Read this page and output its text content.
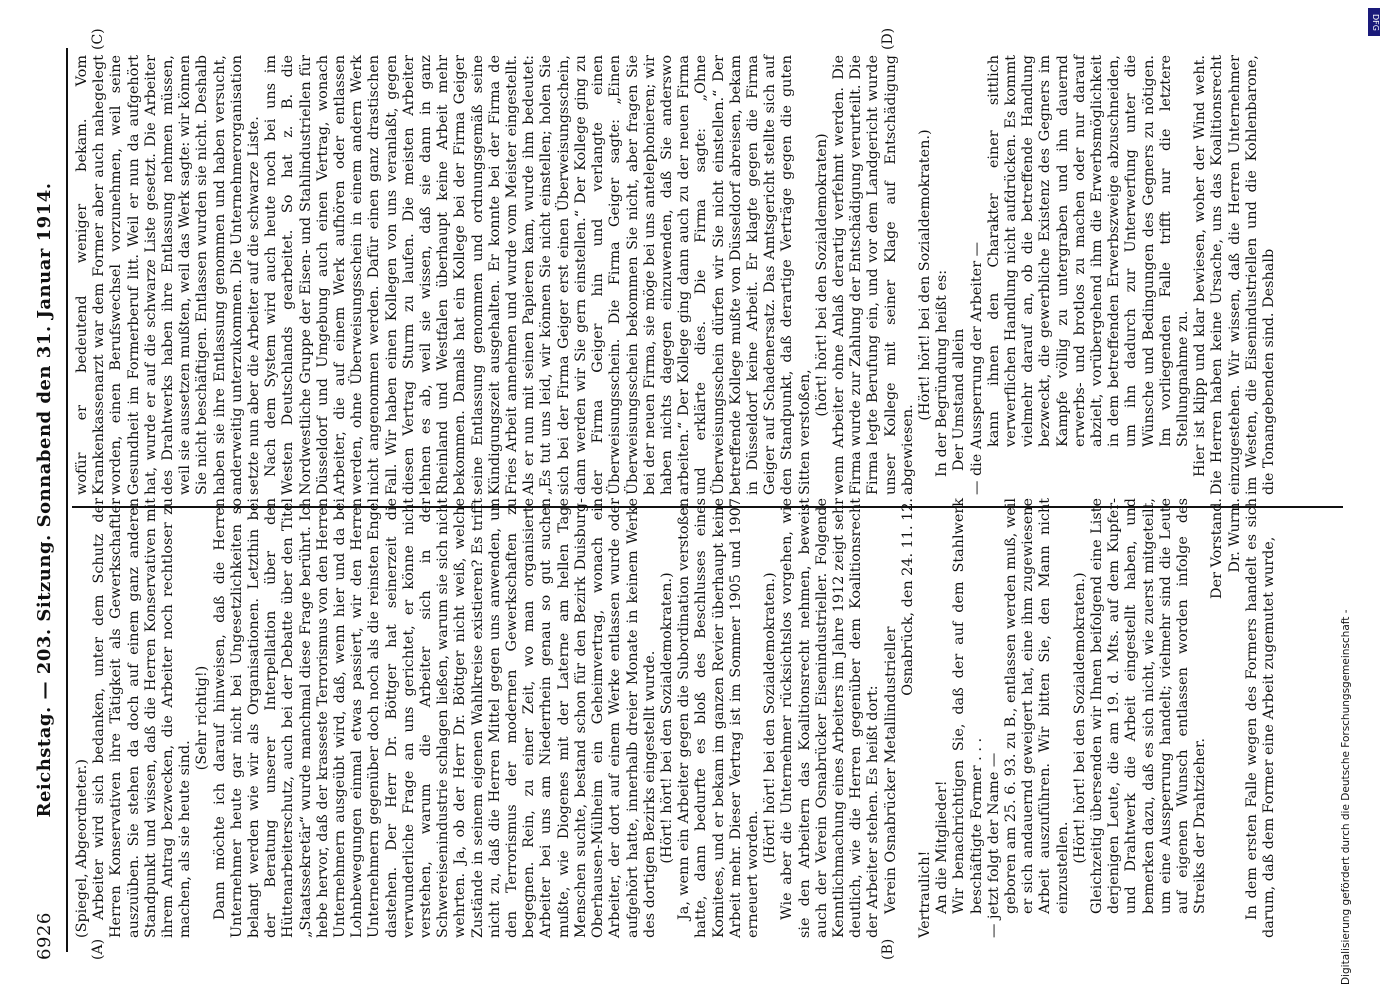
6926
Reichstag. — 203. Sitzung. Sonnabend den 31. Januar 1914.
(A)	(B)
(C)	(D)

(Spiegel, Abgeordneter.) Arbeiter wird sich bedanken, unter dem Schutz der Herren Konservativen ihre Tätigkeit als Gewerkschaftler auszuüben. Sie stehen da doch auf einem ganz anderen Standpunkt und wissen, daß die Herren Konservativen mit ihrem Antrag bezwecken, die Arbeiter noch rechtloser zu machen, als sie heute sind.

(Sehr richtig!) Dann möchte ich darauf hinweisen, daß die Herren Unternehmer heute gar nicht bei Ungesetzlichkeiten so belangt werden wie wir als Organisationen. Letzthin bei der Beratung unserer Interpellation über den Hüttenarbeiterschutz, auch bei der Debatte über den Titel „Staatssekretär“ wurde manchmal diese Frage berührt. Ich hebe hervor, daß der krasseste Terrorismus von den Herren Unternehmern ausgeübt wird, daß, wenn hier und da bei Lohnbewegungen einmal etwas passiert, wir den Herren Unternehmern gegenüber doch noch als die reinsten Engel dastehen. Der Herr Dr. Böttger hat seinerzeit die verwunderliche Frage an uns gerichtet, er könne nicht verstehen, warum die Arbeiter sich in der Schwereisenindustrie schlagen ließen, warum sie sich nicht wehrten. Ja, ob der Herr Dr. Böttger nicht weiß, welche Zustände in seinem eigenen Wahlkreise existieren? Es trifft nicht zu, daß die Herren Mittel gegen uns anwenden, um den Terrorismus der modernen Gewerkschaften zu begegnen. Rein, zu einer Zeit, wo man organisierte Arbeiter bei uns am Niederrhein genau so gut suchen mußte, wie Diogenes mit der Laterne am hellen Tage Menschen suchte, bestand schon für den Bezirk Duisburg-Oberhausen-Mülheim ein Geheimvertrag, wonach ein Arbeiter, der dort auf einem Werke entlassen wurde oder aufgehört hatte, innerhalb dreier Monate in keinem Werke des dortigen Bezirks eingestellt wurde. (Hört! hört! bei den Sozialdemokraten.) Ja, wenn ein Arbeiter gegen die Subordination verstoßen hatte, dann bedurfte es bloß des Beschlusses eines Komitees, und er bekam im ganzen Revier überhaupt keine Arbeit mehr. Dieser Vertrag ist im Sommer 1905 und 1907 erneuert worden.

(Hört! hört! bei den Sozialdemokraten.) Wie aber die Unternehmer rücksichtslos vorgehen, wie sie den Arbeitern das Koalitionsrecht nehmen, beweist auch der Verein Osnabrücker Eisenindustrieller. Folgende Kenntlichmachung eines Arbeiters im Jahre 1912 zeigt sehr deutlich, wie die Herren gegenüber dem Koalitionsrecht der Arbeiter stehen. Es heißt dort: Verein Osnabrücker Metallindustrieller

Osnabrück, den 24. 11. 12.

Vertraulich! An die Mitglieder! Wir benachrichtigen Sie, daß der auf dem Stahlwerk beschäftigte Former . . . — jetzt folgt der Name — geboren am 25. 6. 93. zu B., entlassen werden muß, weil er sich andauernd geweigert hat, eine ihm zugewiesene Arbeit auszuführen. Wir bitten Sie, den Mann nicht einzustellen.

(Hört! hört! bei den Sozialdemokraten.) Gleichzeitig übersenden wir Ihnen beifolgend eine Liste derjenigen Leute, die am 19. d. Mts. auf dem Kupfer- und Drahtwerk die Arbeit eingestellt haben, und bemerken dazu, daß es sich nicht, wie zuerst mitgeteilt, um eine Aussperrung handelt; vielmehr sind die Leute auf eigenen Wunsch entlassen worden infolge des Streiks der Drahtzieher.

Der Vorstand. Dr. Wurm. In dem ersten Falle wegen des Formers handelt es sich darum, daß dem Former eine Arbeit zugemutet wurde,

wofür er bedeutend weniger bekam. Vom Krankenkassenarzt war dem Former aber auch nahegelegt worden, einen Berufswechsel vorzunehmen, weil seine Gesundheit im Formerberuf litt. Weil er nun da aufgehört hat, wurde er auf die schwarze Liste gesetzt. Die Arbeiter des Drahtwerks haben ihre Entlassung nehmen müssen, weil sie aussetzen mußten, weil das Werk sagte: wir können Sie nicht beschäftigen. Entlassen wurden sie nicht. Deshalb haben sie ihre Entlassung genommen und haben versucht, anderweitig unterzukommen. Die Unternehmerorganisation setzte nun aber die Arbeiter auf die schwarze Liste. Nach dem System wird auch heute noch bei uns im Westen Deutschlands gearbeitet. So hat z. B. die Nordwestliche Gruppe der Eisen- und Stahlindustriellen für Düsseldorf und Umgebung auch einen Vertrag, wonach Arbeiter, die auf einem Werk aufhören oder entlassen werden, ohne Überweisungsschein in einem andern Werk nicht angenommen werden. Dafür einen ganz drastischen Fall. Wir haben einen Kollegen von uns veranlaßt, gegen diesen Vertrag Sturm zu laufen. Die meisten Arbeiter lehnen es ab, weil sie wissen, daß sie dann in ganz Rheinland und Westfalen überhaupt keine Arbeit mehr bekommen. Damals hat ein Kollege bei der Firma Geiger seine Entlassung genommen und ordnungsgemäß seine Kündigungszeit ausgehalten. Er konnte bei der Firma de Fries Arbeit annehmen und wurde vom Meister eingestellt. Als er nun mit seinen Papieren kam, wurde ihm bedeutet: „Es tut uns leid, wir können Sie nicht einstellen; holen Sie sich bei der Firma Geiger erst einen Überweisungsschein, dann werden wir Sie gern einstellen.“ Der Kollege ging zu der Firma Geiger hin und verlangte einen Überweisungsschein. Die Firma Geiger sagte: „Einen Überweisungsschein bekommen Sie nicht, aber fragen Sie bei der neuen Firma, sie möge bei uns antelephonieren; wir haben nichts dagegen einzuwenden, daß Sie anderswo arbeiten.“ Der Kollege ging dann auch zu der neuen Firma und erklärte dies. Die Firma sagte: „Ohne Überweisungsschein dürfen wir Sie nicht einstellen.“ Der betreffende Kollege mußte von Düsseldorf abreisen, bekam in Düsseldorf keine Arbeit. Er klagte gegen die Firma Geiger auf Schadenersatz. Das Amtsgericht stellte sich auf den Standpunkt, daß derartige Verträge gegen die guten Sitten verstoßen,

(hört! hört! bei den Sozialdemokraten) wenn Arbeiter ohne Anlaß derartig verfehmt werden. Die Firma wurde zur Zahlung der Entschädigung verurteilt. Die Firma legte Berufung ein, und vor dem Landgericht wurde unser Kollege mit seiner Klage auf Entschädigung abgewiesen.

(Hört! hört! bei den Sozialdemokraten.) In der Begründung heißt es: Der Umstand allein — die Aussperrung der Arbeiter — kann ihnen den Charakter einer sittlich verwerflichen Handlung nicht aufdrücken. Es kommt vielmehr darauf an, ob die betreffende Handlung bezweckt, die gewerbliche Existenz des Gegners im Kampfe völlig zu untergraben und ihn dauernd erwerbs- und brotlos zu machen oder nur darauf abzielt, vorübergehend ihm die Erwerbsmöglichkeit in dem betreffenden Erwerbszweige abzuschneiden, um ihn dadurch zur Unterwerfung unter die Wünsche und Bedingungen des Gegners zu nötigen. Im vorliegenden Falle trifft nur die letztere Stellungnahme zu. Hier ist klipp und klar bewiesen, woher der Wind weht. Die Herren haben keine Ursache, uns das Koalitionsrecht einzugestehen. Wir wissen, daß die Herren Unternehmer im Westen, die Eisenindustriellen und die Kohlenbarone, die Tonangebenden sind. Deshalb

Digitalisierung gefördert durch die Deutsche Forschungsgemeinschaft -
DFG
